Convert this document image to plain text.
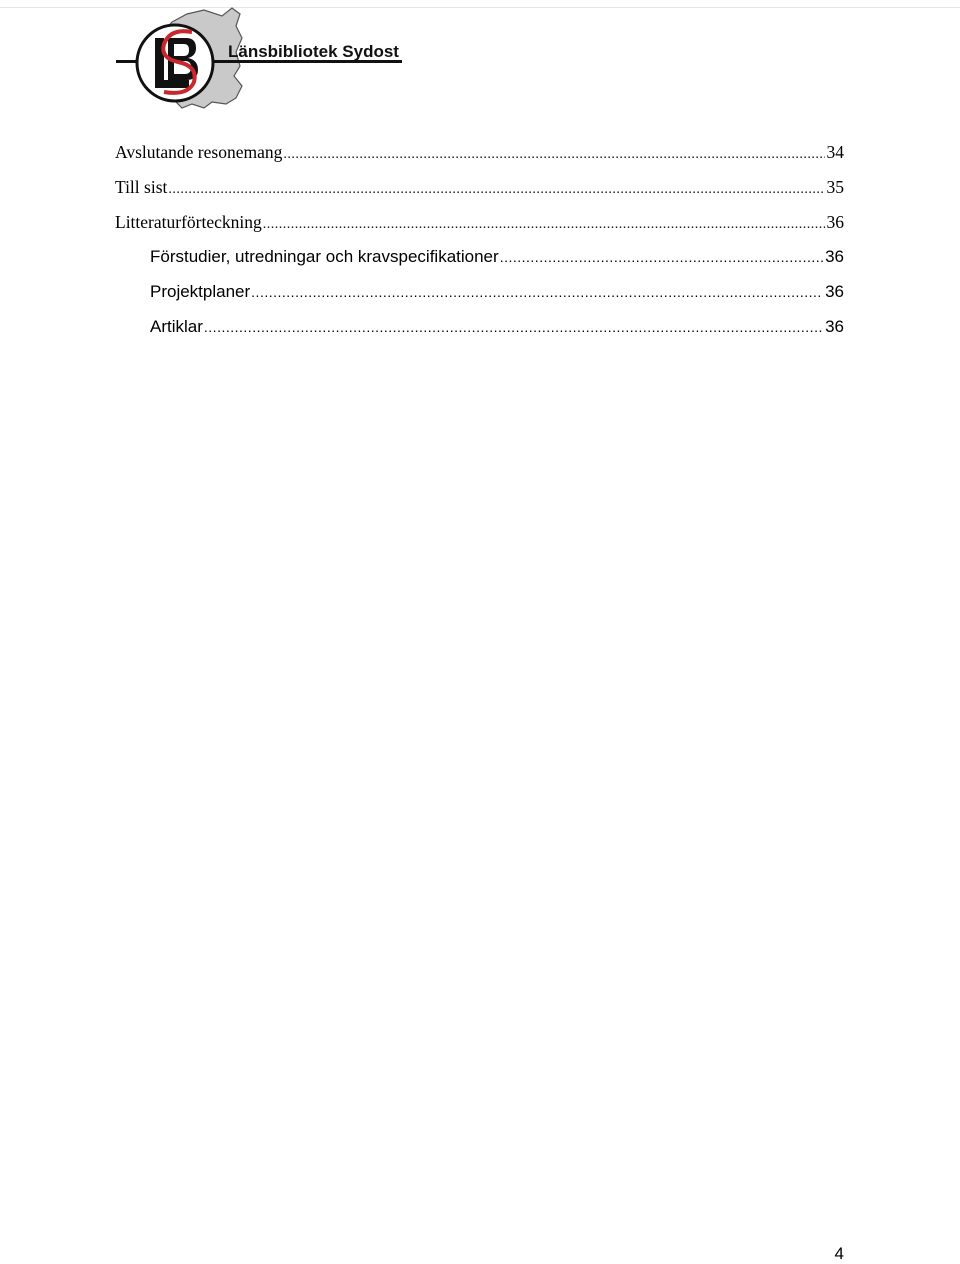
Länsbibliotek Sydost
Avslutande resonemang .....	34
Till sist .....	35
Litteraturförteckning .....	36
Förstudier, utredningar och kravspecifikationer .....	36
Projektplaner .....	36
Artiklar .....	36
4
